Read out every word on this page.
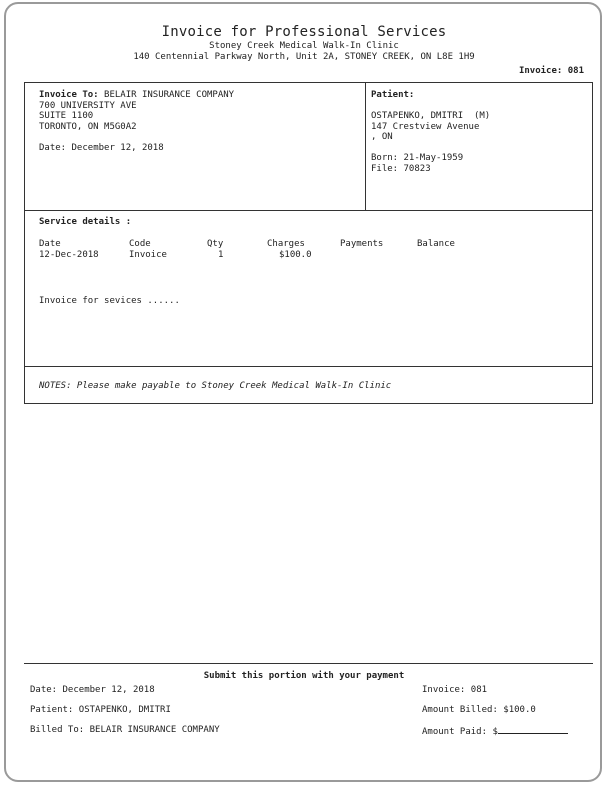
Invoice for Professional Services
Stoney Creek Medical Walk-In Clinic
140 Centennial Parkway North, Unit 2A, STONEY CREEK, ON L8E 1H9
Invoice: 081
Invoice To: BELAIR INSURANCE COMPANY
700 UNIVERSITY AVE
SUITE 1100
TORONTO, ON M5G0A2
Date: December 12, 2018
Patient:
OSTAPENKO, DMITRI (M)
147 Crestview Avenue
, ON
Born: 21-May-1959
File: 70823
Service details :
Date	Code	Qty	Charges	Payments	Balance
12-Dec-2018	Invoice	1	$100.0
Invoice for sevices ......
NOTES: Please make payable to Stoney Creek Medical Walk-In Clinic
Submit this portion with your payment
Date: December 12, 2018
Patient: OSTAPENKO, DMITRI
Billed To: BELAIR INSURANCE COMPANY
Invoice: 081
Amount Billed: $100.0
Amount Paid: $
